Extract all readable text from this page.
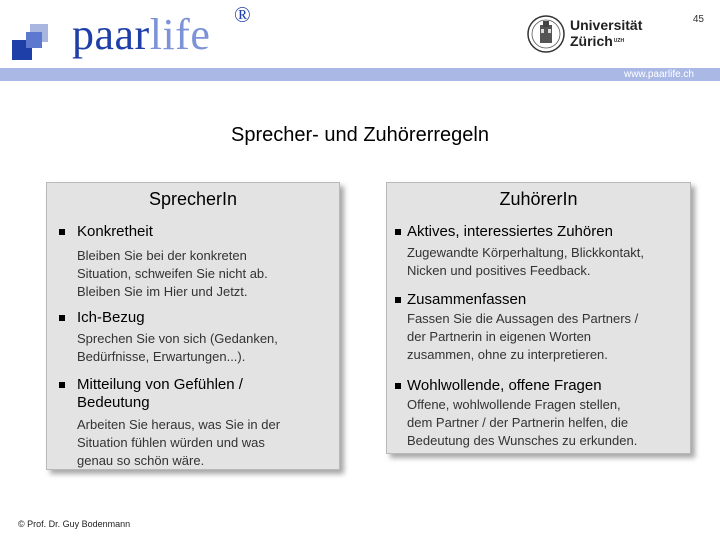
paarlife ®	45
Universität
Zürich$^{UZH}$
www.paarlife.ch
Sprecher- und Zuhörerregeln
SprecherIn
Konkretheit
Bleiben Sie bei der konkreten
Situation, schweifen Sie nicht ab.
Bleiben Sie im Hier und Jetzt.
Ich-Bezug
Sprechen Sie von sich (Gedanken,
Bedürfnisse, Erwartungen...).
Mitteilung von Gefühlen /
Bedeutung
Arbeiten Sie heraus, was Sie in der
Situation fühlen würden und was
genau so schön wäre.
ZuhörerIn
Aktives, interessiertes Zuhören
Zugewandte Körperhaltung, Blickkontakt,
Nicken und positives Feedback.
Zusammenfassen
Fassen Sie die Aussagen des Partners /
der Partnerin in eigenen Worten
zusammen, ohne zu interpretieren.
Wohlwollende, offene Fragen
Offene, wohlwollende Fragen stellen,
dem Partner / der Partnerin helfen, die
Bedeutung des Wunsches zu erkunden.
© Prof. Dr. Guy Bodenmann
